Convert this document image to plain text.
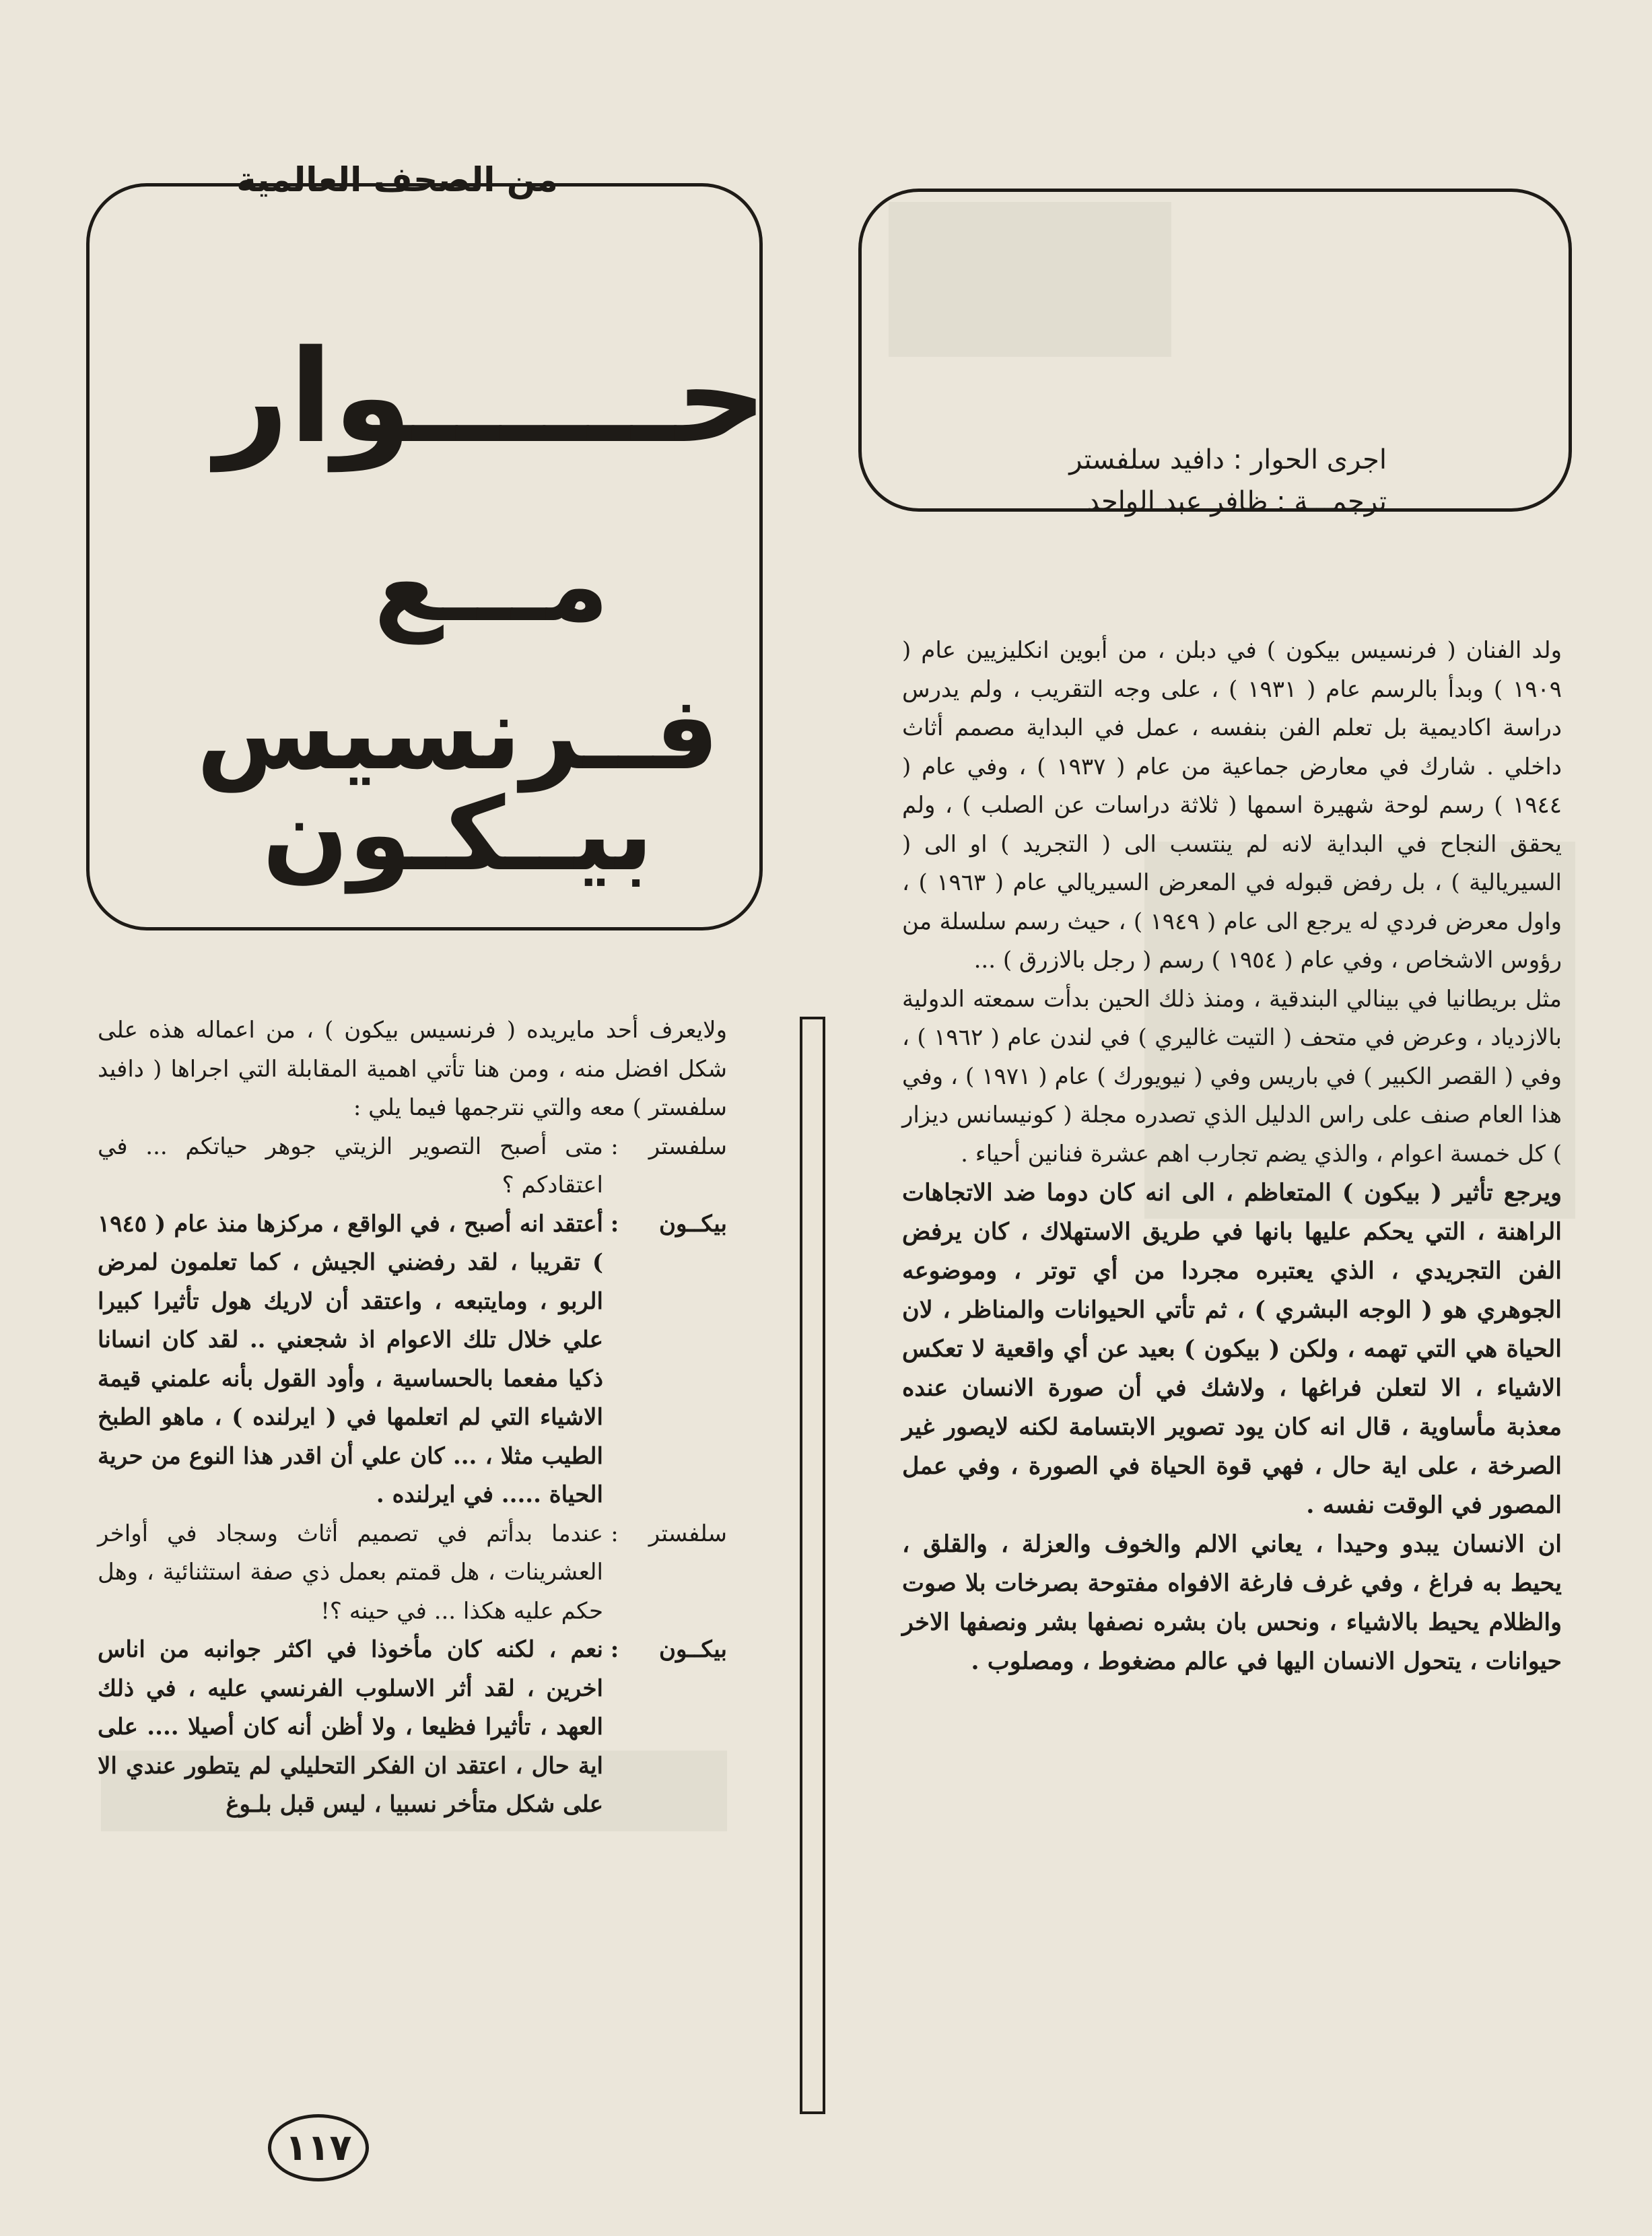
من الصحف العالمية
حــــــوار
مـــع
فــرنسيس بيــكـون
اجرى الحوار : دافيد سلفستر
ترجمـــة : ظافر عبد الواحد

ولد الفنان ( فرنسيس بيكون ) في دبلن ، من أبوين انكليزيين عام ( ١٩٠٩ ) وبدأ بالرسم عام ( ١٩٣١ ) ، على وجه التقريب ، ولم يدرس دراسة اكاديمية بل تعلم الفن بنفسه ، عمل في البداية مصمم أثاث داخلي . شارك في معارض جماعية من عام ( ١٩٣٧ ) ، وفي عام ( ١٩٤٤ ) رسم لوحة شهيرة اسمها ( ثلاثة دراسات عن الصلب ) ، ولم يحقق النجاح في البداية لانه لم ينتسب الى ( التجريد ) او الى ( السيريالية ) ، بل رفض قبوله في المعرض السيريالي عام ( ١٩٦٣ ) ، واول معرض فردي له يرجع الى عام ( ١٩٤٩ ) ، حيث رسم سلسلة من رؤوس الاشخاص ، وفي عام ( ١٩٥٤ ) رسم ( رجل بالازرق ) ...

مثل بريطانيا في بينالي البندقية ، ومنذ ذلك الحين بدأت سمعته الدولية بالازدياد ، وعرض في متحف ( التيت غاليري ) في لندن عام ( ١٩٦٢ ) ، وفي ( القصر الكبير ) في باريس وفي ( نيويورك ) عام ( ١٩٧١ ) ، وفي هذا العام صنف على راس الدليل الذي تصدره مجلة ( كونيسانس ديزار ) كل خمسة اعوام ، والذي يضم تجارب اهم عشرة فنانين أحياء .

ويرجع تأثير ( بيكون ) المتعاظم ، الى انه كان دوما ضد الاتجاهات الراهنة ، التي يحكم عليها بانها في طريق الاستهلاك ، كان يرفض الفن التجريدي ، الذي يعتبره مجردا من أي توتر ، وموضوعه الجوهري هو ( الوجه البشري ) ، ثم تأتي الحيوانات والمناظر ، لان الحياة هي التي تهمه ، ولكن ( بيكون ) بعيد عن أي واقعية لا تعكس الاشياء ، الا لتعلن فراغها ، ولاشك في أن صورة الانسان عنده معذبة مأساوية ، قال انه كان يود تصوير الابتسامة لكنه لايصور غير الصرخة ، على اية حال ، فهي قوة الحياة في الصورة ، وفي عمل المصور في الوقت نفسه .

ان الانسان يبدو وحيدا ، يعاني الالم والخوف والعزلة ، والقلق ، يحيط به فراغ ، وفي غرف فارغة الافواه مفتوحة بصرخات بلا صوت والظلام يحيط بالاشياء ، ونحس بان بشره نصفها بشر ونصفها الاخر حيوانات ، يتحول الانسان اليها في عالم مضغوط ، ومصلوب .

ولايعرف أحد مايريده ( فرنسيس بيكون ) ، من اعماله هذه على شكل افضل منه ، ومن هنا تأتي اهمية المقابلة التي اجراها ( دافيد سلفستر ) معه والتي نترجمها فيما يلي :

سلفستر
:
متى أصبح التصوير الزيتي جوهر حياتكم ... في اعتقادكم ؟
بيكــون
:
أعتقد انه أصبح ، في الواقع ، مركزها منذ عام ( ١٩٤٥ ) تقريبا ، لقد رفضني الجيش ، كما تعلمون لمرض الربو ، ومايتبعه ، واعتقد أن لاريك هول تأثيرا كبيرا علي خلال تلك الاعوام اذ شجعني .. لقد كان انسانا ذكيا مفعما بالحساسية ، وأود القول بأنه علمني قيمة الاشياء التي لم اتعلمها في ( ايرلنده ) ، ماهو الطبخ الطيب مثلا ، ... كان علي أن اقدر هذا النوع من حرية الحياة ..... في ايرلنده .
سلفستر
:
عندما بدأتم في تصميم أثاث وسجاد في أواخر العشرينات ، هل قمتم بعمل ذي صفة استثنائية ، وهل حكم عليه هكذا ... في حينه ؟!
بيكــون
:
نعم ، لكنه كان مأخوذا في اكثر جوانبه من اناس اخرين ، لقد أثر الاسلوب الفرنسي عليه ، في ذلك العهد ، تأثيرا فظيعا ، ولا أظن أنه كان أصيلا .... على اية حال ، اعتقد ان الفكر التحليلي لم يتطور عندي الا على شكل متأخر نسبيا ، ليس قبل بلـوغ
١١٧
